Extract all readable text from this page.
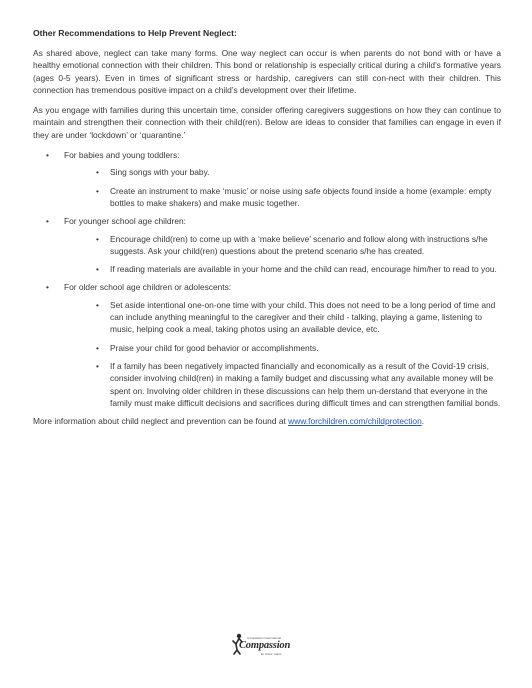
Other Recommendations to Help Prevent Neglect:

As shared above, neglect can take many forms. One way neglect can occur is when parents do not bond with or have a healthy emotional connection with their children. This bond or relationship is especially critical during a child’s formative years (ages 0-5 years). Even in times of significant stress or hardship, caregivers can still con-nect with their children. This connection has tremendous positive impact on a child’s development over their lifetime.

As you engage with families during this uncertain time, consider offering caregivers suggestions on how they can continue to maintain and strengthen their connection with their child(ren). Below are ideas to consider that families can engage in even if they are under ‘lockdown’ or ‘quarantine.’

• For babies and young toddlers:
• Sing songs with your baby.
• Create an instrument to make ‘music’ or noise using safe objects found inside a home (example: empty bottles to make shakers) and make music together.
• For younger school age children:
• Encourage child(ren) to come up with a ‘make believe’ scenario and follow along with instructions s/he suggests. Ask your child(ren) questions about the pretend scenario s/he has created.
• If reading materials are available in your home and the child can read, encourage him/her to read to you.
• For older school age children or adolescents:
• Set aside intentional one-on-one time with your child. This does not need to be a long period of time and can include anything meaningful to the caregiver and their child - talking, playing a game, listening to music, helping cook a meal, taking photos using an available device, etc.
• Praise your child for good behavior or accomplishments.
• If a family has been negatively impacted financially and economically as a result of the Covid-19 crisis, consider involving child(ren) in making a family budget and discussing what any available money will be spent on. Involving older children in these discussions can help them un-derstand that everyone in the family must make difficult decisions and sacrifices during difficult times and can strengthen familial bonds.

More information about child neglect and prevention can be found at www.forchildren.com/childprotection.

Compassion International
Compassion
In Jesus' name
